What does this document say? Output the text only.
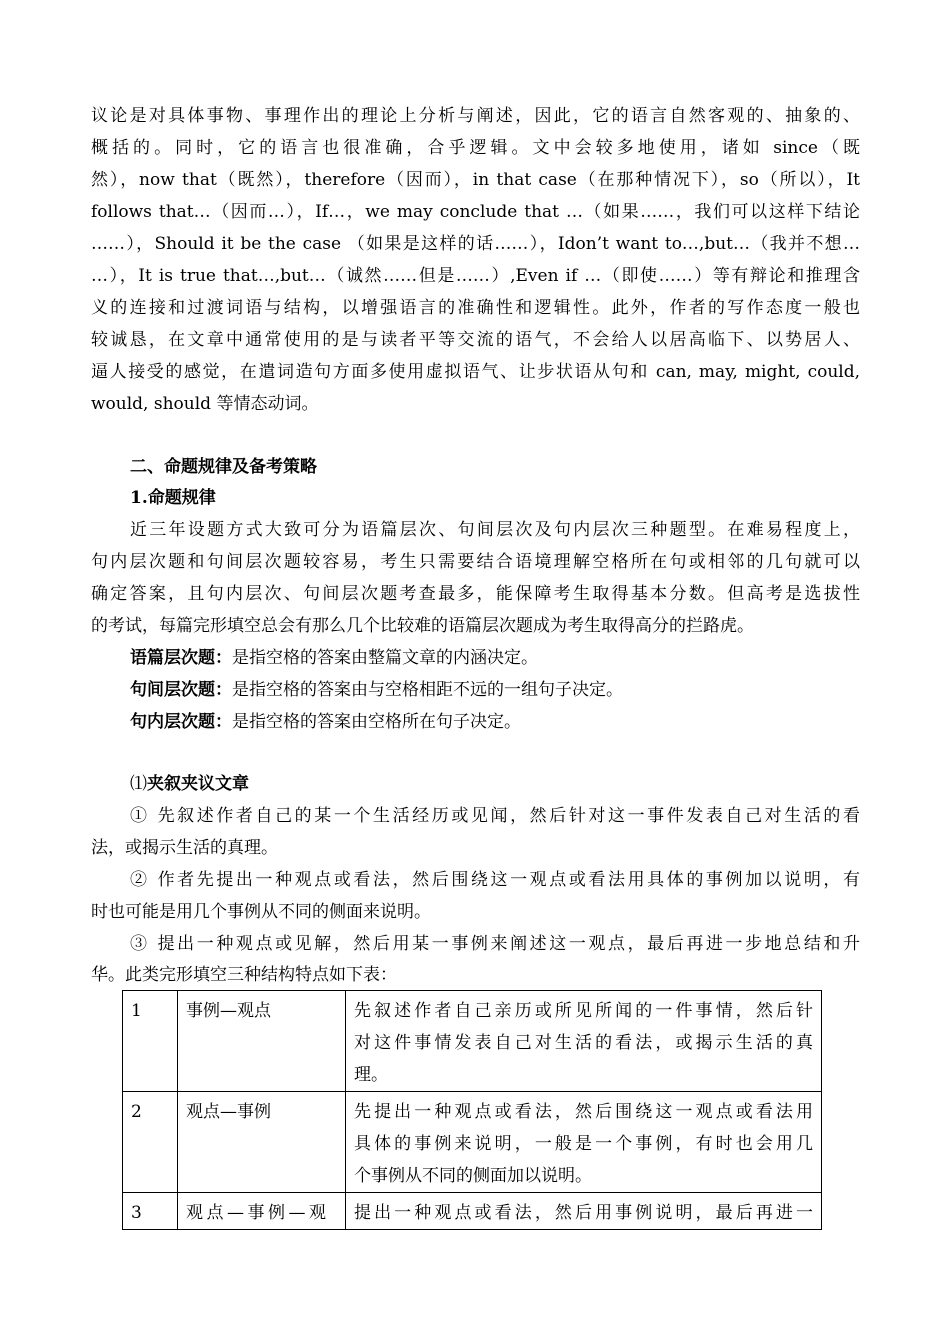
议论是对具体事物、事理作出的理论上分析与阐述，因此，它的语言自然客观的、抽象的、
概括的。同时，它的语言也很准确，合乎逻辑。文中会较多地使用，诸如 since（既
然），now that（既然），therefore（因而），in that case（在那种情况下），so（所以），It
follows that…（因而…），If…，we may conclude that …（如果……，我们可以这样下结论
……），Should it be the case （如果是这样的话……），Idon’t want to…,but…（我并不想…
…），It is true that…,but…（诚然……但是……）,Even if …（即使……）等有辩论和推理含
义的连接和过渡词语与结构，以增强语言的准确性和逻辑性。此外，作者的写作态度一般也
较诚恳，在文章中通常使用的是与读者平等交流的语气，不会给人以居高临下、以势居人、
逼人接受的感觉，在遣词造句方面多使用虚拟语气、让步状语从句和 can, may, might, could,
would, should 等情态动词。
二、命题规律及备考策略
1.命题规律
近三年设题方式大致可分为语篇层次、句间层次及句内层次三种题型。在难易程度上，
句内层次题和句间层次题较容易，考生只需要结合语境理解空格所在句或相邻的几句就可以
确定答案，且句内层次、句间层次题考查最多，能保障考生取得基本分数。但高考是选拔性
的考试，每篇完形填空总会有那么几个比较难的语篇层次题成为考生取得高分的拦路虎。
语篇层次题：是指空格的答案由整篇文章的内涵决定。
句间层次题：是指空格的答案由与空格相距不远的一组句子决定。
句内层次题：是指空格的答案由空格所在句子决定。
⑴夹叙夹议文章
① 先叙述作者自己的某一个生活经历或见闻，然后针对这一事件发表自己对生活的看
法，或揭示生活的真理。
② 作者先提出一种观点或看法，然后围绕这一观点或看法用具体的事例加以说明，有
时也可能是用几个事例从不同的侧面来说明。
③ 提出一种观点或见解，然后用某一事例来阐述这一观点，最后再进一步地总结和升
华。此类完形填空三种结构特点如下表：
1	事例—观点	先叙述作者自己亲历或所见所闻的一件事情，然后针
对这件事情发表自己对生活的看法，或揭示生活的真
理。

2	观点—事例	先提出一种观点或看法，然后围绕这一观点或看法用
具体的事例来说明，一般是一个事例，有时也会用几
个事例从不同的侧面加以说明。

3	观点—事例—观	提出一种观点或看法，然后用事例说明，最后再进一
